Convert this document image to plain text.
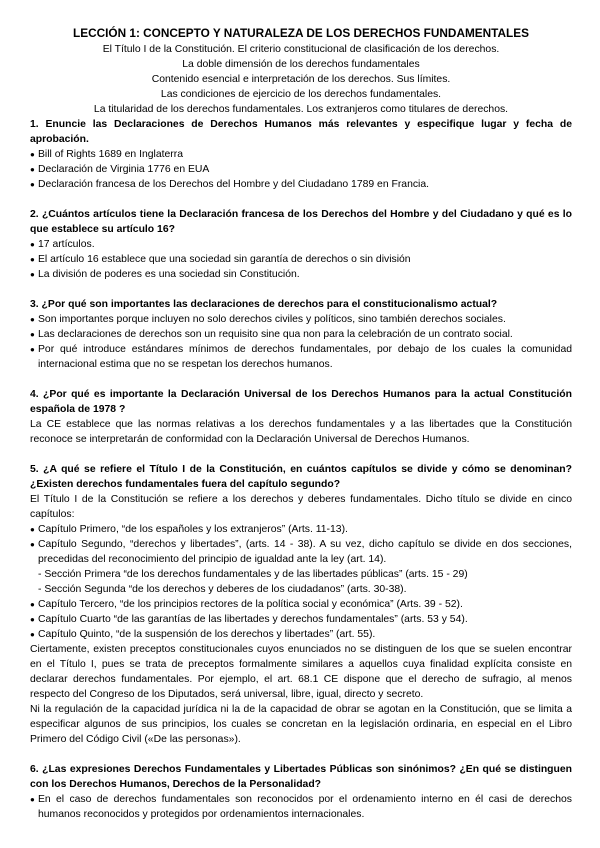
LECCIÓN 1: CONCEPTO Y NATURALEZA DE LOS DERECHOS FUNDAMENTALES
El Título I de la Constitución. El criterio constitucional de clasificación de los derechos.
La doble dimensión de los derechos fundamentales
Contenido esencial e interpretación de los derechos. Sus límites.
Las condiciones de ejercicio de los derechos fundamentales.
La titularidad de los derechos fundamentales. Los extranjeros como titulares de derechos.
1. Enuncie las Declaraciones de Derechos Humanos más relevantes y especifique lugar y fecha de aprobación.
● Bill of Rights 1689 en Inglaterra
● Declaración de Virginia 1776 en EUA
● Declaración francesa de los Derechos del Hombre y del Ciudadano 1789 en Francia.
2. ¿Cuántos artículos tiene la Declaración francesa de los Derechos del Hombre y del Ciudadano y qué es lo que establece su artículo 16?
● 17 artículos.
● El artículo 16 establece que una sociedad sin garantía de derechos o sin división
● La división de poderes es una sociedad sin Constitución.
3. ¿Por qué son importantes las declaraciones de derechos para el constitucionalismo actual?
● Son importantes porque incluyen no solo derechos civiles y políticos, sino también derechos sociales.
● Las declaraciones de derechos son un requisito sine qua non para la celebración de un contrato social.
● Por qué introduce estándares mínimos de derechos fundamentales, por debajo de los cuales la comunidad internacional estima que no se respetan los derechos humanos.
4. ¿Por qué es importante la Declaración Universal de los Derechos Humanos para la actual Constitución española de 1978 ?

La CE establece que las normas relativas a los derechos fundamentales y a las libertades que la Constitución reconoce se interpretarán de conformidad con la Declaración Universal de Derechos Humanos.

5. ¿A qué se refiere el Título I de la Constitución, en cuántos capítulos se divide y cómo se denominan? ¿Existen derechos fundamentales fuera del capítulo segundo?

El Título I de la Constitución se refiere a los derechos y deberes fundamentales. Dicho título se divide en cinco capítulos:

● Capítulo Primero, “de los españoles y los extranjeros” (Arts. 11-13).
● Capítulo Segundo, “derechos y libertades”, (arts. 14 - 38). A su vez, dicho capítulo se divide en dos secciones, precedidas del reconocimiento del principio de igualdad ante la ley (art. 14).
- Sección Primera “de los derechos fundamentales y de las libertades públicas” (arts. 15 - 29)
- Sección Segunda “de los derechos y deberes de los ciudadanos” (arts. 30-38).
● Capítulo Tercero, “de los principios rectores de la política social y económica” (Arts. 39 - 52).
● Capítulo Cuarto “de las garantías de las libertades y derechos fundamentales” (arts. 53 y 54).
● Capítulo Quinto, “de la suspensión de los derechos y libertades” (art. 55).

Ciertamente, existen preceptos constitucionales cuyos enunciados no se distinguen de los que se suelen encontrar en el Título I, pues se trata de preceptos formalmente similares a aquellos cuya finalidad explícita consiste en declarar derechos fundamentales. Por ejemplo, el art. 68.1 CE dispone que el derecho de sufragio, al menos respecto del Congreso de los Diputados, será universal, libre, igual, directo y secreto.

Ni la regulación de la capacidad jurídica ni la de la capacidad de obrar se agotan en la Constitución, que se limita a especificar algunos de sus principios, los cuales se concretan en la legislación ordinaria, en especial en el Libro Primero del Código Civil («De las personas»).

6. ¿Las expresiones Derechos Fundamentales y Libertades Públicas son sinónimos? ¿En qué se distinguen con los Derechos Humanos, Derechos de la Personalidad?
● En el caso de derechos fundamentales son reconocidos por el ordenamiento interno en él casi de derechos humanos reconocidos y protegidos por ordenamientos internacionales.
